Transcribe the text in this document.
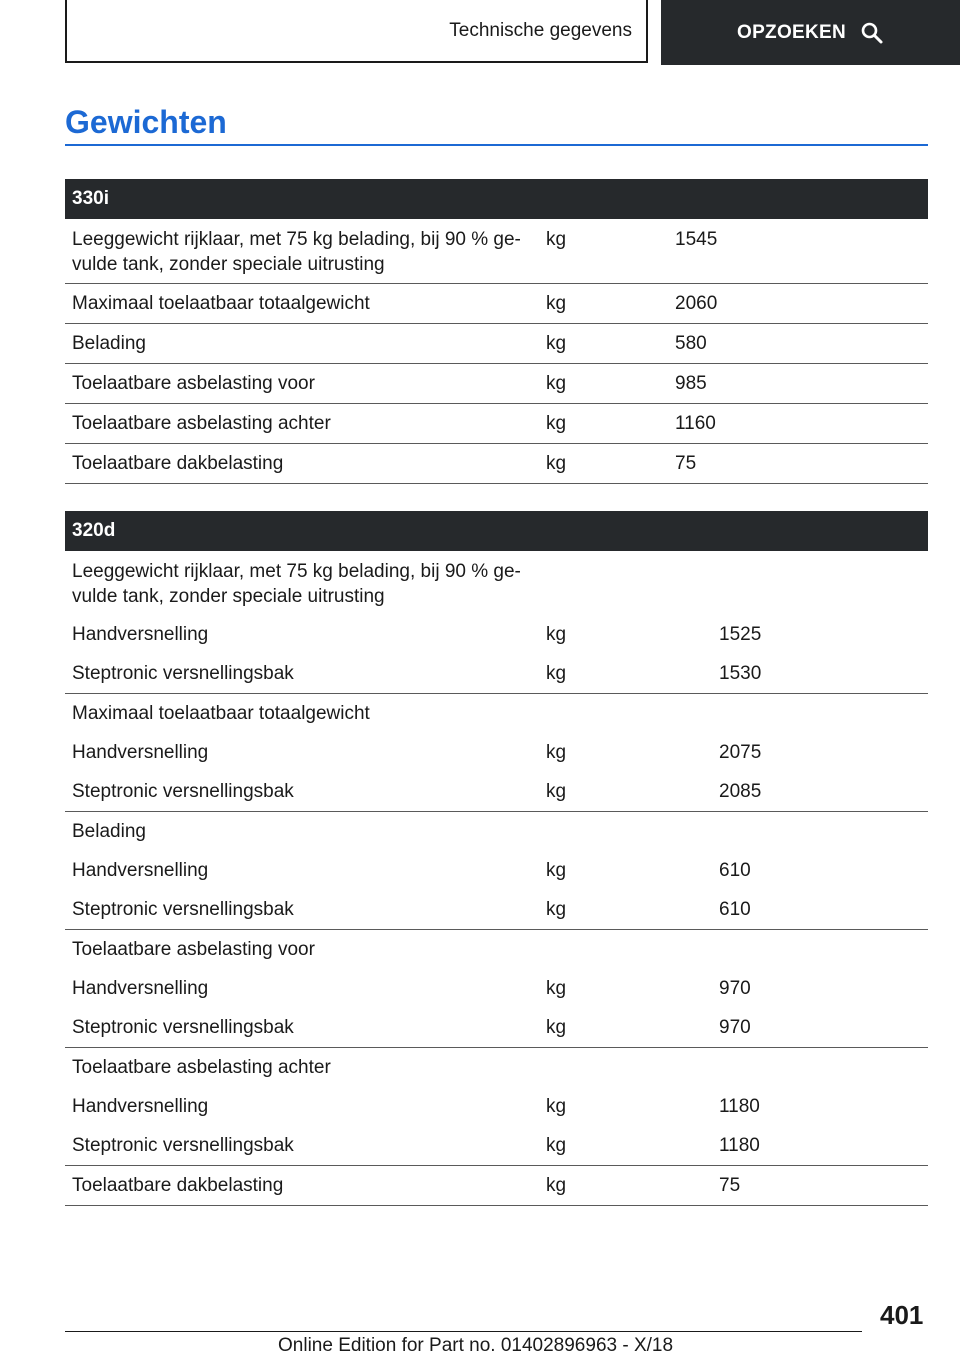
Technische gegevens	OPZOEKEN
Gewichten
330i
Leeggewicht rijklaar, met 75 kg belading, bij 90 % ge-
vulde tank, zonder speciale uitrusting
kg	1545
Maximaal toelaatbaar totaalgewicht	kg	2060
Belading	kg	580
Toelaatbare asbelasting voor	kg	985
Toelaatbare asbelasting achter	kg	1160
Toelaatbare dakbelasting	kg	75
320d
Leeggewicht rijklaar, met 75 kg belading, bij 90 % ge-
vulde tank, zonder speciale uitrusting
Handversnelling	kg	1525
Steptronic versnellingsbak	kg	1530
Maximaal toelaatbaar totaalgewicht
Handversnelling	kg	2075
Steptronic versnellingsbak	kg	2085
Belading
Handversnelling	kg	610
Steptronic versnellingsbak	kg	610
Toelaatbare asbelasting voor
Handversnelling	kg	970
Steptronic versnellingsbak	kg	970
Toelaatbare asbelasting achter
Handversnelling	kg	1180
Steptronic versnellingsbak	kg	1180
Toelaatbare dakbelasting	kg	75
401
Online Edition for Part no. 01402896963 - X/18
